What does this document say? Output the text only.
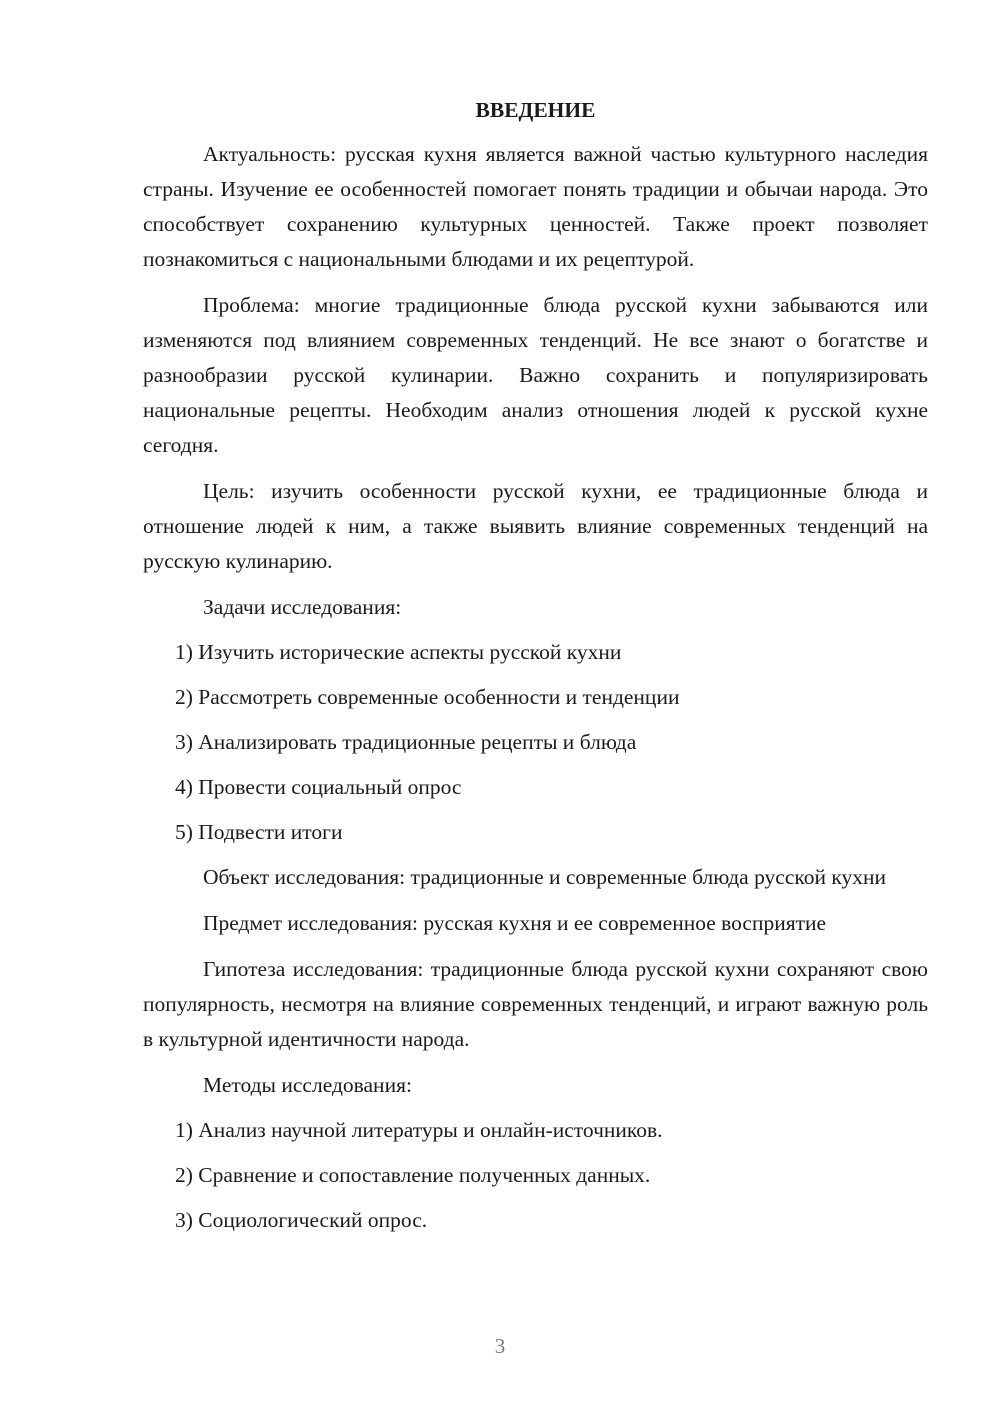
ВВЕДЕНИЕ

Актуальность: русская кухня является важной частью культурного наследия страны. Изучение ее особенностей помогает понять традиции и обычаи народа. Это способствует сохранению культурных ценностей. Также проект позволяет познакомиться с национальными блюдами и их рецептурой.

Проблема: многие традиционные блюда русской кухни забываются или изменяются под влиянием современных тенденций. Не все знают о богатстве и разнообразии русской кулинарии. Важно сохранить и популяризировать национальные рецепты. Необходим анализ отношения людей к русской кухне сегодня.

Цель: изучить особенности русской кухни, ее традиционные блюда и отношение людей к ним, а также выявить влияние современных тенденций на русскую кулинарию.

Задачи исследования:

1) Изучить исторические аспекты русской кухни
2) Рассмотреть современные особенности и тенденции
3) Анализировать традиционные рецепты и блюда
4) Провести социальный опрос
5) Подвести итоги

Объект исследования: традиционные и современные блюда русской кухни

Предмет исследования: русская кухня и ее современное восприятие

Гипотеза исследования: традиционные блюда русской кухни сохраняют свою популярность, несмотря на влияние современных тенденций, и играют важную роль в культурной идентичности народа.

Методы исследования:

1) Анализ научной литературы и онлайн-источников.
2) Сравнение и сопоставление полученных данных.
3) Социологический опрос.
3
